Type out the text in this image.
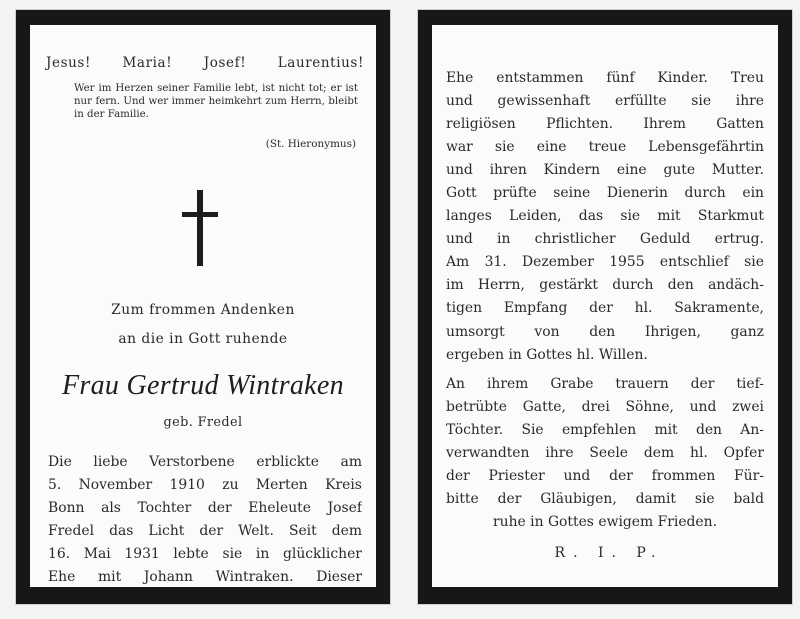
Jesus! Maria! Josef! Laurentius!
Wer im Herzen seiner Familie lebt, ist nicht tot; er ist nur fern. Und wer immer heimkehrt zum Herrn, bleibt in der Familie.
(St. Hieronymus)
Zum frommen Andenken
an die in Gott ruhende
Frau Gertrud Wintraken
geb. Fredel
Die liebe Verstorbene erblickte am
5. November 1910 zu Merten Kreis
Bonn als Tochter der Eheleute Josef
Fredel das Licht der Welt. Seit dem
16. Mai 1931 lebte sie in glücklicher
Ehe mit Johann Wintraken. Dieser
Ehe entstammen fünf Kinder. Treu
und gewissenhaft erfüllte sie ihre
religiösen Pflichten. Ihrem Gatten
war sie eine treue Lebensgefährtin
und ihren Kindern eine gute Mutter.
Gott prüfte seine Dienerin durch ein
langes Leiden, das sie mit Starkmut
und in christlicher Geduld ertrug.
Am 31. Dezember 1955 entschlief sie
im Herrn, gestärkt durch den andäch-
tigen Empfang der hl. Sakramente,
umsorgt von den Ihrigen, ganz
ergeben in Gottes hl. Willen.
An ihrem Grabe trauern der tief-
betrübte Gatte, drei Söhne, und zwei
Töchter. Sie empfehlen mit den An-
verwandten ihre Seele dem hl. Opfer
der Priester und der frommen Für-
bitte der Gläubigen, damit sie bald
ruhe in Gottes ewigem Frieden.
R. I. P.
